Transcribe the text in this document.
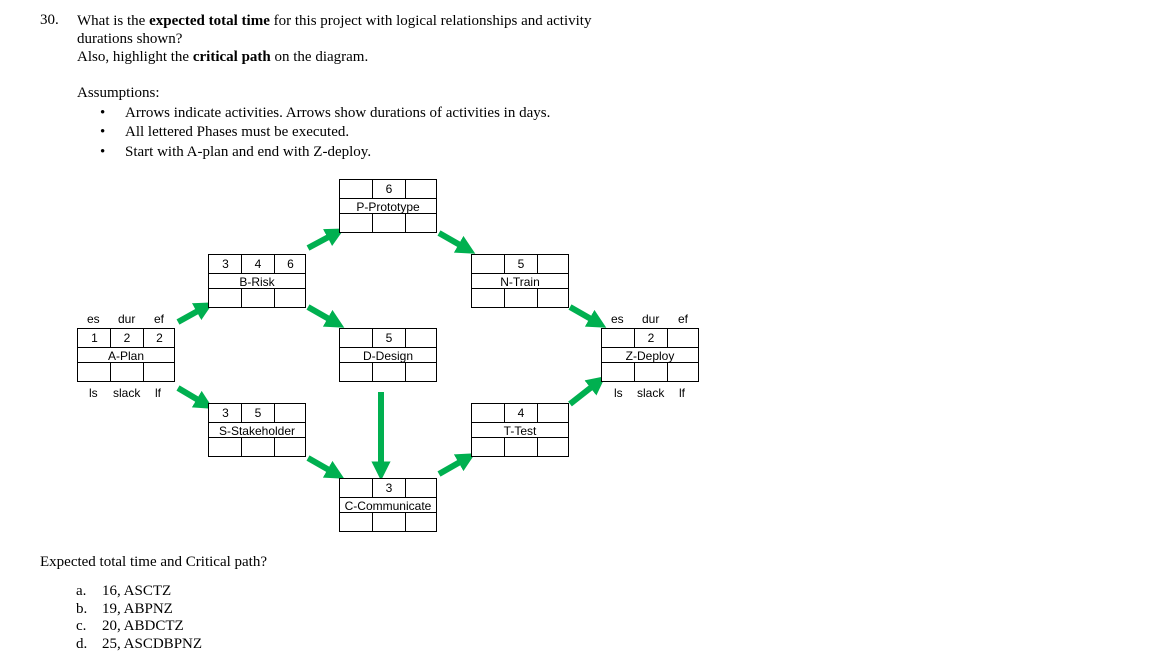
30. What is the expected total time for this project with logical relationships and activity
durations shown?
Also, highlight the critical path on the diagram.
Assumptions:
• Arrows indicate activities. Arrows show durations of activities in days.
• All lettered Phases must be executed.
• Start with A-plan and end with Z-deploy.
es dur ef
ls slack lf
es dur ef
ls slack lf
1	2	2
A-Plan
3	4	6
B-Risk
3	5
S-Stakeholder
6
P-Prototype
5
D-Design
3
C-Communicate
5
N-Train
4
T-Test
2
Z-Deploy
Expected total time and Critical path?
a. 16, ASCTZ
b. 19, ABPNZ
c. 20, ABDCTZ
d. 25, ASCDBPNZ
